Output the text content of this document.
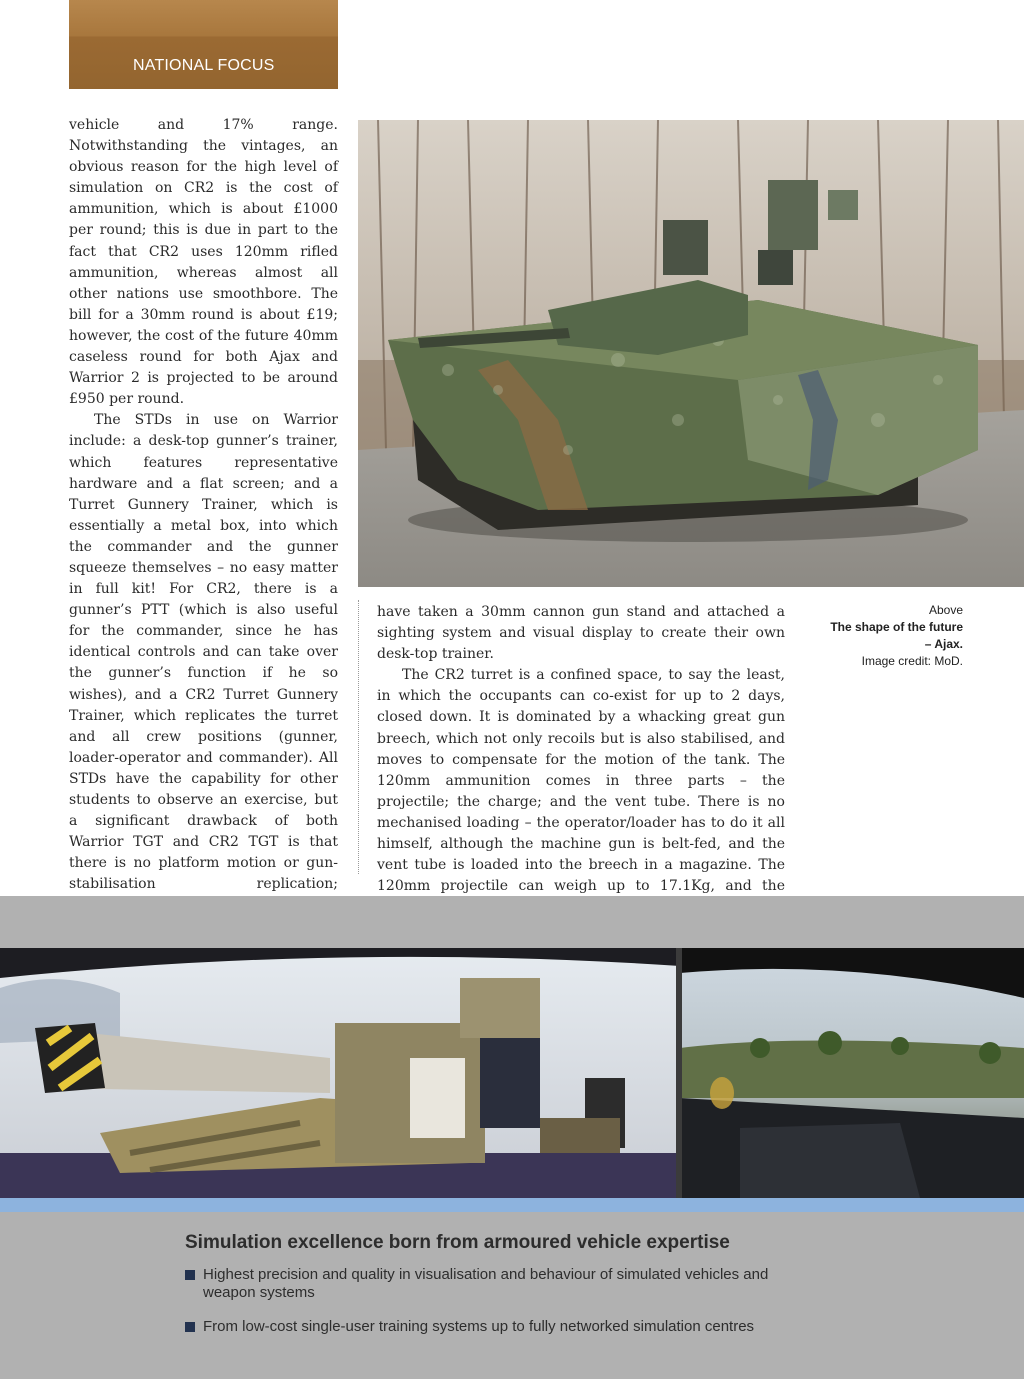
NATIONAL FOCUS

vehicle and 17% range. Notwithstanding the vintages, an obvious reason for the high level of simulation on CR2 is the cost of ammunition, which is about £1000 per round; this is due in part to the fact that CR2 uses 120mm rifled ammunition, whereas almost all other nations use smoothbore. The bill for a 30mm round is about £19; however, the cost of the future 40mm caseless round for both Ajax and Warrior 2 is projected to be around £950 per round.

The STDs in use on Warrior include: a desk-top gunner’s trainer, which features representative hardware and a flat screen; and a Turret Gunnery Trainer, which is essentially a metal box, into which the commander and the gunner squeeze themselves – no easy matter in full kit! For CR2, there is a gunner’s PTT (which is also useful for the commander, since he has identical controls and can take over the gunner’s function if he so wishes), and a CR2 Turret Gunnery Trainer, which replicates the turret and all crew positions (gunner, loader-operator and commander). All STDs have the capability for other students to observe an exercise, but a significant drawback of both Warrior TGT and CR2 TGT is that there is no platform motion or gun-stabilisation replication;

have taken a 30mm cannon gun stand and attached a sighting system and visual display to create their own desk-top trainer.

The CR2 turret is a confined space, to say the least, in which the occupants can co-exist for up to 2 days, closed down. It is dominated by a whacking great gun breech, which not only recoils but is also stabilised, and moves to compensate for the motion of the tank. The 120mm ammunition comes in three parts – the projectile; the charge; and the vent tube. There is no mechanised loading – the operator/loader has to do it all himself, although the machine gun is belt-fed, and the vent tube is loaded into the breech in a magazine. The 120mm projectile can weigh up to 17.1Kg, and the

Above
The shape of the future – Ajax.
Image credit: MoD.
Simulation excellence born from armoured vehicle expertise
Highest precision and quality in visualisation and behaviour of simulated vehicles and weapon systems
From low-cost single-user training systems up to fully networked simulation centres
